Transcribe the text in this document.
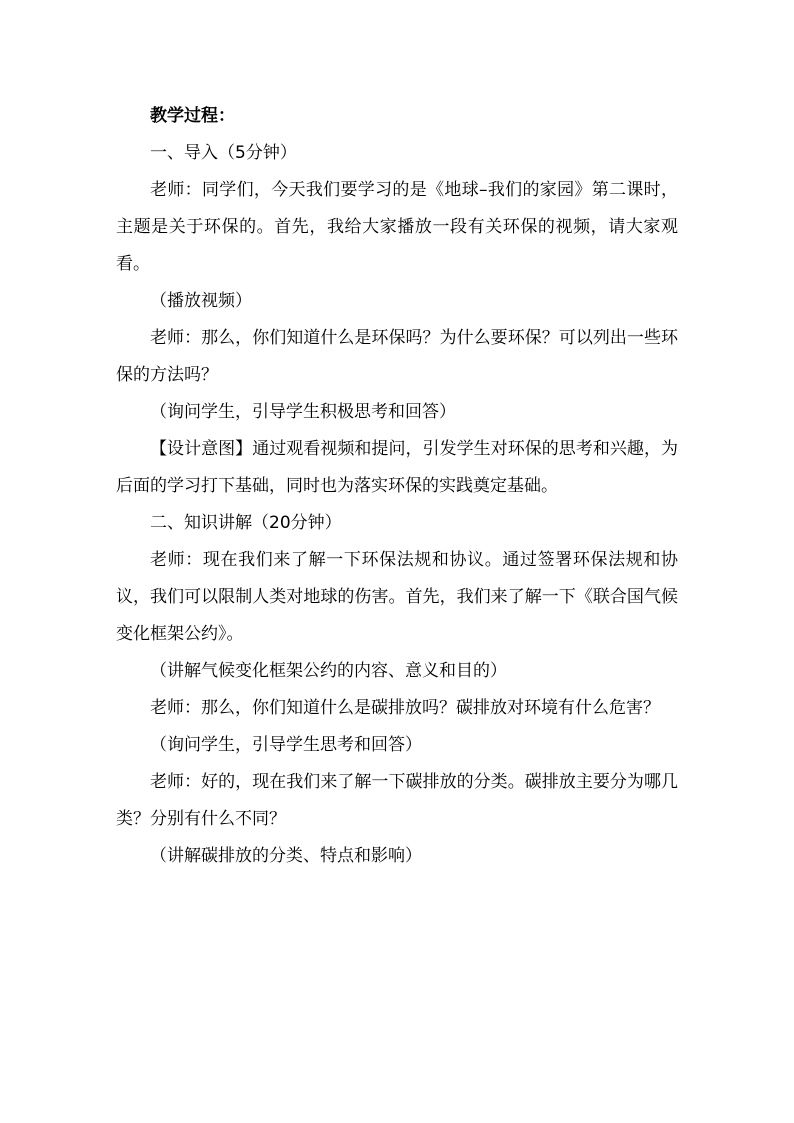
教学过程：

一、导入（5分钟）

老师：同学们，今天我们要学习的是《地球–我们的家园》第二课时，主题是关于环保的。首先，我给大家播放一段有关环保的视频，请大家观看。

（播放视频）

老师：那么，你们知道什么是环保吗？为什么要环保？可以列出一些环保的方法吗？

（询问学生，引导学生积极思考和回答）

【设计意图】通过观看视频和提问，引发学生对环保的思考和兴趣，为后面的学习打下基础，同时也为落实环保的实践奠定基础。

二、知识讲解（20分钟）

老师：现在我们来了解一下环保法规和协议。通过签署环保法规和协议，我们可以限制人类对地球的伤害。首先，我们来了解一下《联合国气候变化框架公约》。

（讲解气候变化框架公约的内容、意义和目的）

老师：那么，你们知道什么是碳排放吗？碳排放对环境有什么危害？

（询问学生，引导学生思考和回答）

老师：好的，现在我们来了解一下碳排放的分类。碳排放主要分为哪几类？分别有什么不同？

（讲解碳排放的分类、特点和影响）
